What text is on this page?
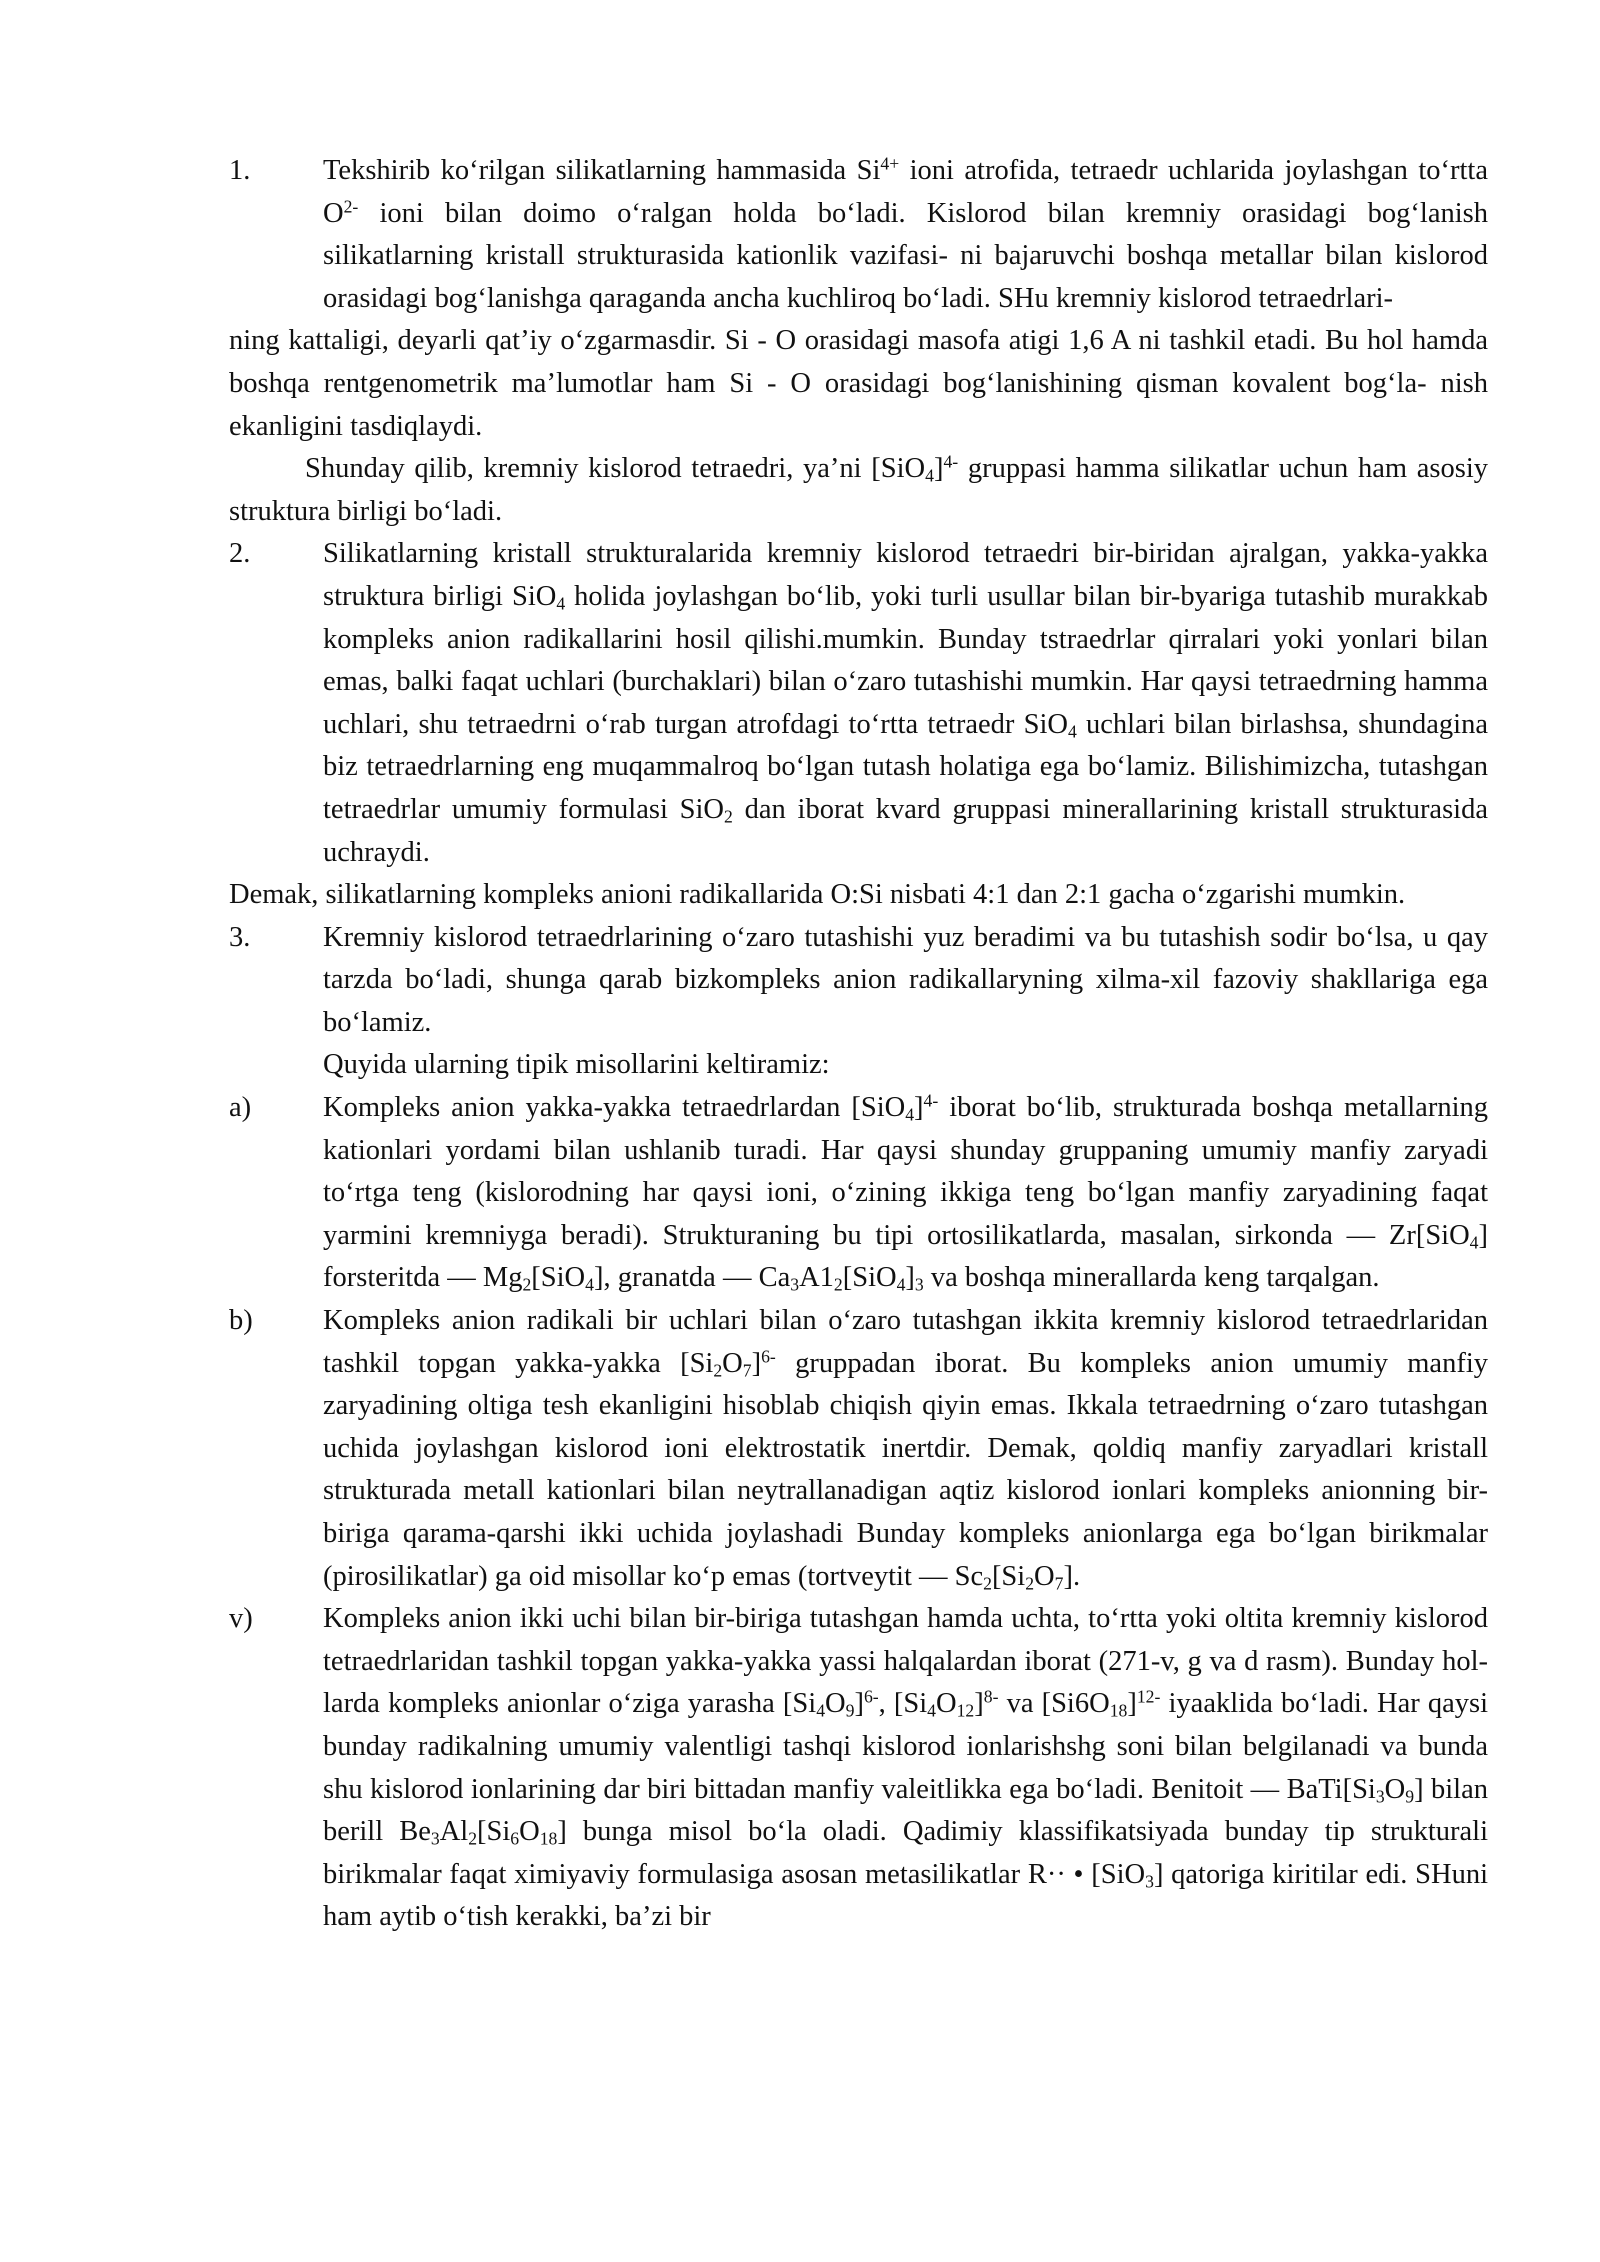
1.	Tekshirib koʻrilgan silikatlarning hammasida $Si^{4+}$ ioni atrofida, tetraedr uchlarida joylashgan toʻrtta $O^{2-}$ ioni bilan doimo oʻralgan holda boʻladi. Kislorod bilan kremniy orasidagi bogʻlanish silikatlarning kristall strukturasida kationlik vazifasi- ni bajaruvchi boshqa metallar bilan kislorod orasidagi bogʻlanishga qaraganda ancha kuchliroq boʻladi. SHu kremniy kislorod tetraedrlari-

ning kattaligi, deyarli qat’iy oʻzgarmasdir. Si - O orasidagi masofa atigi 1,6 A ni tashkil etadi. Bu hol hamda boshqa rentgenometrik ma’lumotlar ham Si - O orasidagi bogʻlanishining qisman kovalent bogʻla- nish ekanligini tasdiqlaydi.

Shunday qilib, kremniy kislorod tetraedri, ya’ni $[SiO_4]^{4-}$ gruppasi hamma silikatlar uchun ham asosiy struktura birligi boʻladi.

2.	Silikatlarning kristall strukturalarida kremniy kislorod tetraedri bir-biridan ajralgan, yakka-yakka struktura birligi SiO$_4$ holida joylashgan boʻlib, yoki turli usullar bilan bir-byariga tutashib murakkab kompleks anion radikallarini hosil qilishi.mumkin. Bunday tstraedrlar qirralari yoki yonlari bilan emas, balki faqat uchlari (burchaklari) bilan oʻzaro tutashishi mumkin. Har qaysi tetraedrning hamma uchlari, shu tetraedrni oʻrab turgan atrofdagi toʻrtta tetraedr SiO$_4$ uchlari bilan birlashsa, shundagina biz tetraedrlarning eng muqammalroq boʻlgan tutash holatiga ega boʻlamiz. Bilishimizcha, tutashgan tetraedrlar umumiy formulasi SiO$_2$ dan iborat kvard gruppasi minerallarining kristall strukturasida uchraydi.

Demak, silikatlarning kompleks anioni radikallarida O:Si nisbati 4:1 dan 2:1 gacha oʻzgarishi mumkin.

3.	Kremniy kislorod tetraedrlarining oʻzaro tutashishi yuz beradimi va bu tutashish sodir boʻlsa, u qay tarzda boʻladi, shunga qarab bizkompleks anion radikallaryning xilma-xil fazoviy shakllariga ega boʻlamiz.

Quyida ularning tipik misollarini keltiramiz:

a)	Kompleks anion yakka-yakka tetraedrlardan $[SiO_4]^{4-}$ iborat boʻlib, strukturada boshqa metallarning kationlari yordami bilan ushlanib turadi. Har qaysi shunday gruppaning umumiy manfiy zaryadi toʻrtga teng (kislorodning har qaysi ioni, oʻzining ikkiga teng boʻlgan manfiy zaryadining faqat yarmini kremniyga beradi). Strukturaning bu tipi ortosilikatlarda, masalan, sirkonda — Zr[SiO$_4$] forsteritda — $Mg_2[SiO_4]$, granatda — $Ca_3A1_2[SiO_4]_3$ va boshqa minerallarda keng tarqalgan.
b)	Kompleks anion radikali bir uchlari bilan oʻzaro tutashgan ikkita kremniy kislorod tetraedrlaridan tashkil topgan yakka-yakka $[Si_2O_7]^{6-}$ gruppadan iborat. Bu kompleks anion umumiy manfiy zaryadining oltiga tesh ekanligini hisoblab chiqish qiyin emas. Ikkala tetraedrning oʻzaro tutashgan uchida joylashgan kislorod ioni elektrostatik inertdir. Demak, qoldiq manfiy zaryadlari kristall strukturada metall kationlari bilan neytrallanadigan aqtiz kislorod ionlari kompleks anionning bir-biriga qarama-qarshi ikki uchida joylashadi Bunday kompleks anionlarga ega boʻlgan birikmalar (pirosilikatlar) ga oid misollar koʻp emas (tortveytit — $Sc_2[Si_2O_7]$.
v)	Kompleks anion ikki uchi bilan bir-biriga tutashgan hamda uchta, toʻrtta yoki oltita kremniy kislorod tetraedrlaridan tashkil topgan yakka-yakka yassi halqalardan iborat (271-v, g va d rasm). Bunday hol- larda kompleks anionlar oʻziga yarasha $[Si_4O_9]^{6-}$, $[Si_4O_{12}]^{8-}$ va $[Si6O_{18}]^{12-}$ iyaaklida boʻladi. Har qaysi bunday radikalning umumiy valentligi tashqi kislorod ionlarishshg soni bilan belgilanadi va bunda shu kislorod ionlarining dar biri bittadan manfiy valeitlikka ega boʻladi. Benitoit — $BaTi[Si_3O_9]$ bilan berill $Be_3Al_2[Si_6O_{18}]$ bunga misol boʻla oladi. Qadimiy klassifikatsiyada bunday tip strukturali birikmalar faqat ximiyaviy formulasiga asosan metasilikatlar R·· • [SiO$_3$] qatoriga kiritilar edi. SHuni ham aytib oʻtish kerakki, ba’zi bir
